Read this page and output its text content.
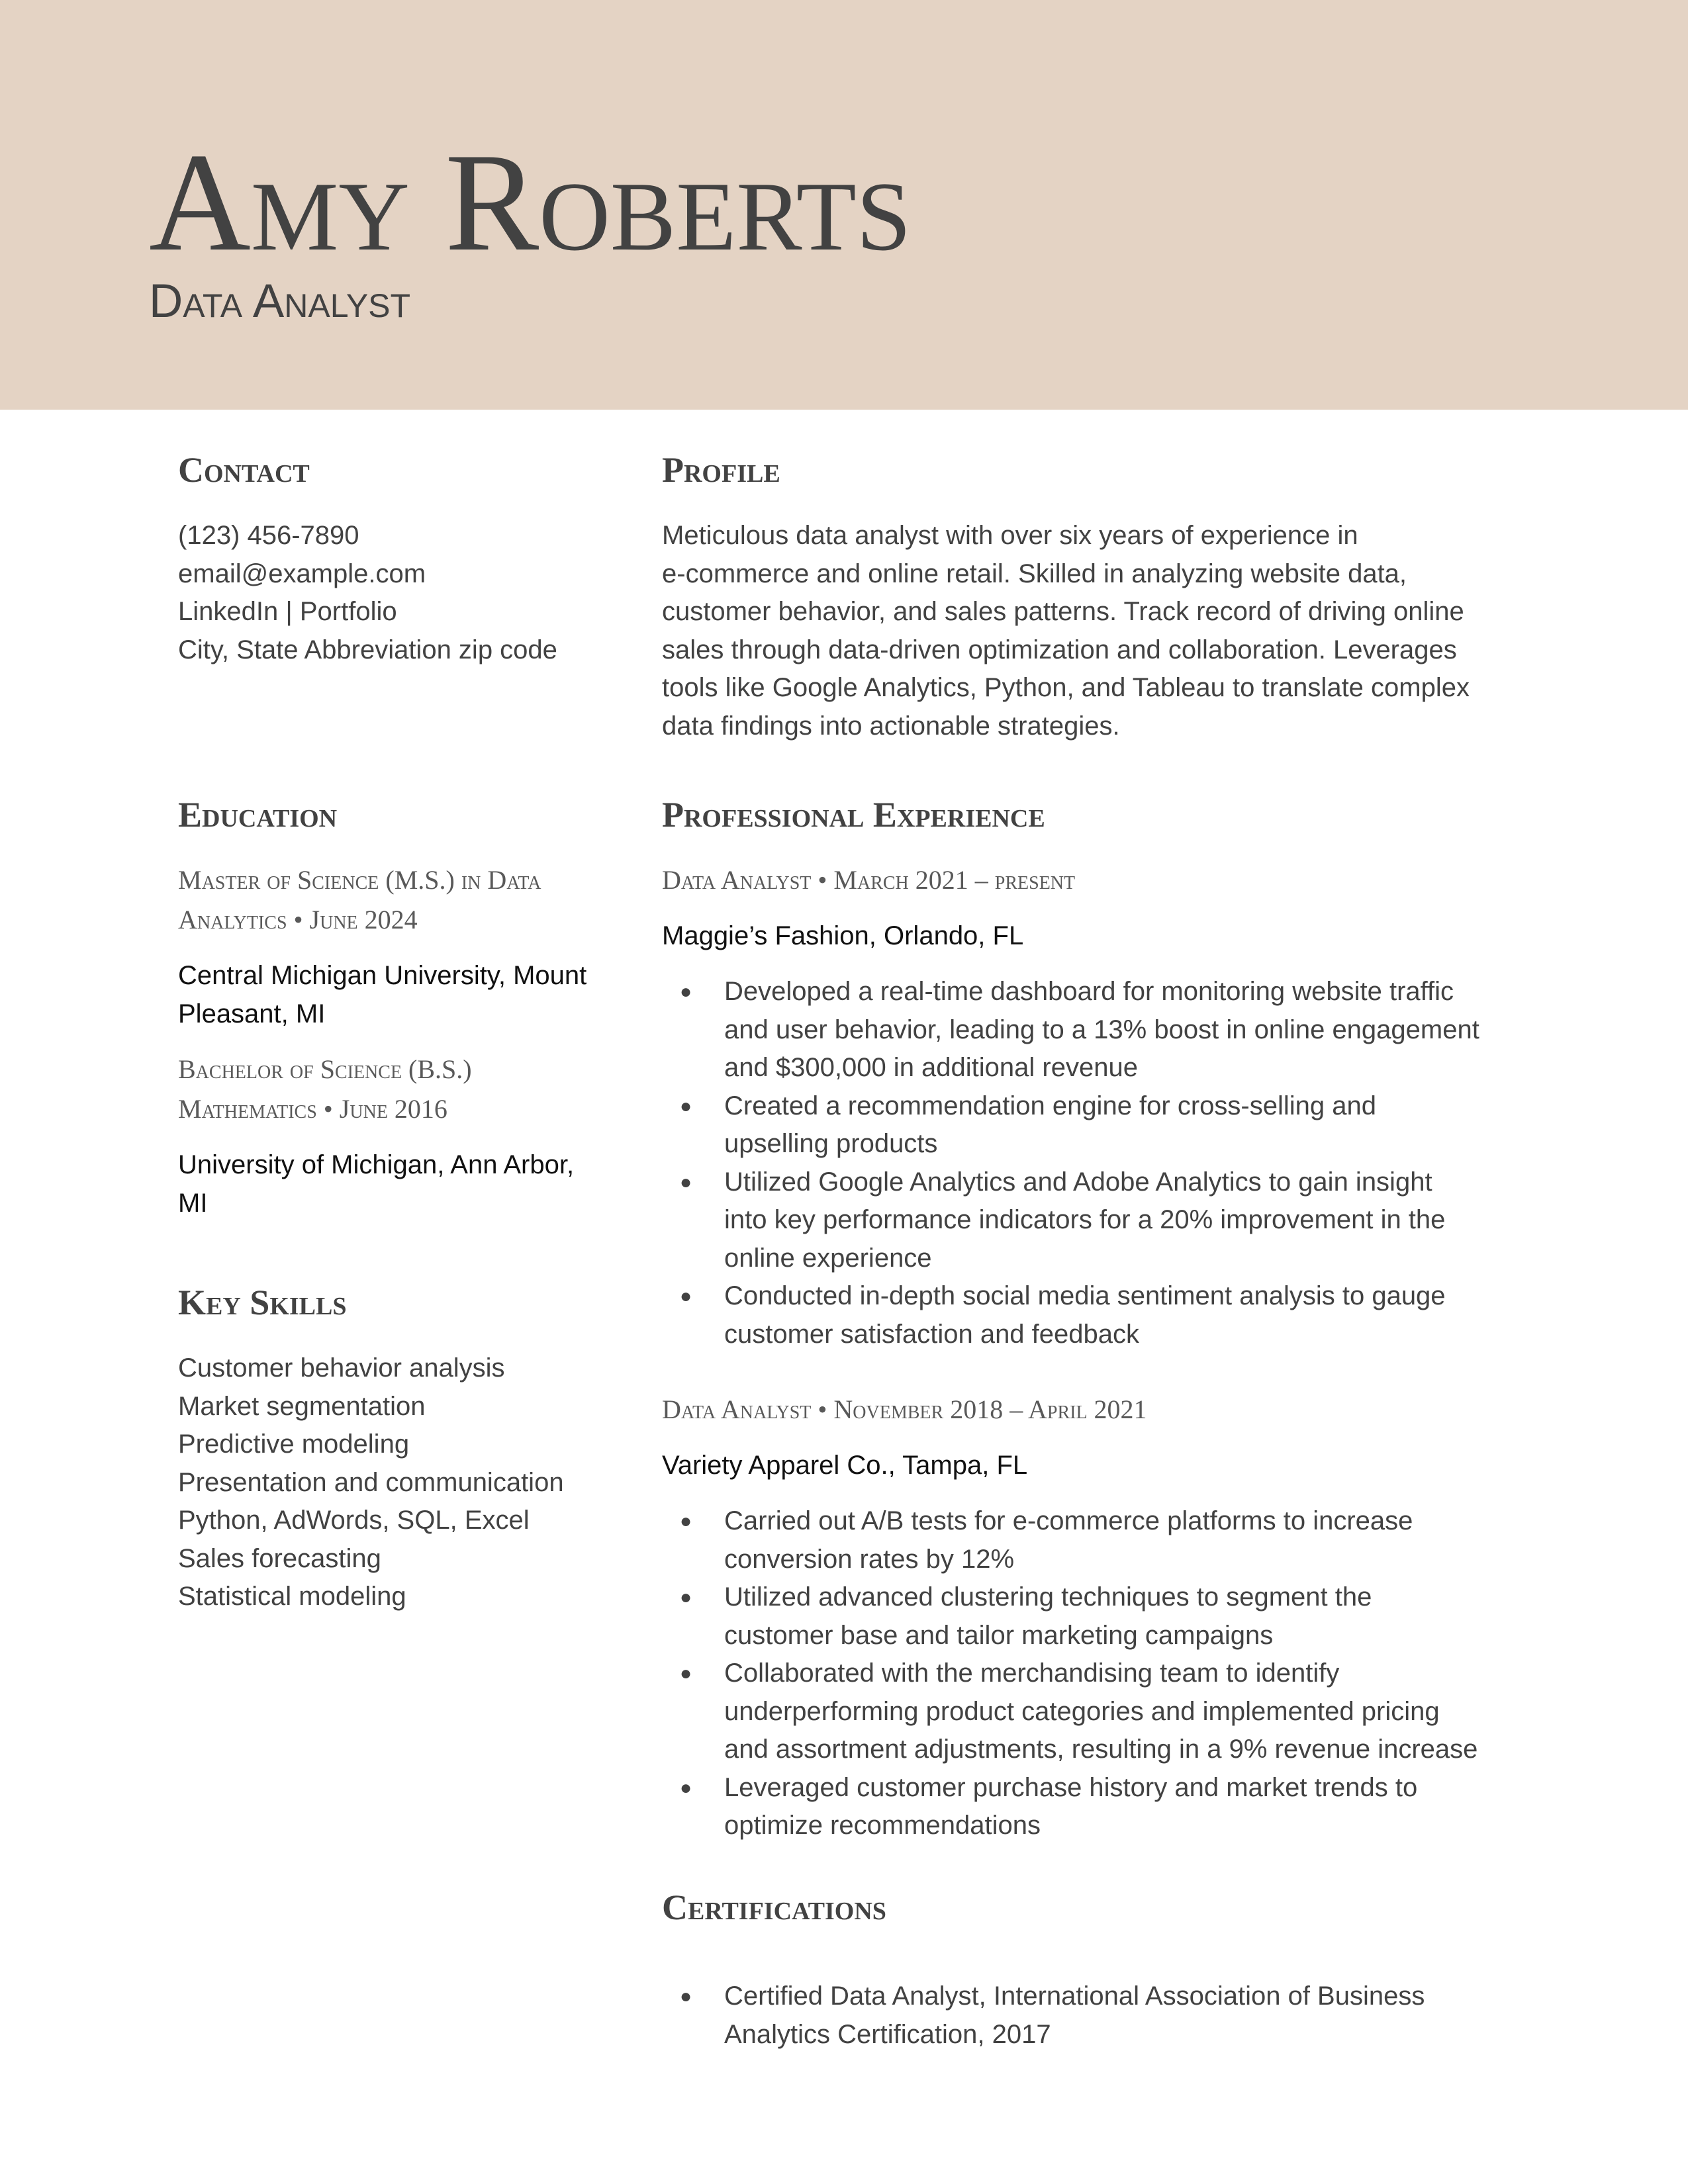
Amy Roberts
Data Analyst
Contact
(123) 456-7890
email@example.com
LinkedIn | Portfolio
City, State Abbreviation zip code
Education
Master of Science (M.S.) in Data
Analytics • June 2024
Central Michigan University, Mount
Pleasant, MI
Bachelor of Science (B.S.)
Mathematics • June 2016
University of Michigan, Ann Arbor,
MI
Key Skills
Customer behavior analysis
Market segmentation
Predictive modeling
Presentation and communication
Python, AdWords, SQL, Excel
Sales forecasting
Statistical modeling
Profile
Meticulous data analyst with over six years of experience in
e-commerce and online retail. Skilled in analyzing website data,
customer behavior, and sales patterns. Track record of driving online
sales through data-driven optimization and collaboration. Leverages
tools like Google Analytics, Python, and Tableau to translate complex
data findings into actionable strategies.
Professional Experience
Data Analyst • March 2021 – present
Maggie’s Fashion, Orlando, FL
● Developed a real-time dashboard for monitoring website traffic
and user behavior, leading to a 13% boost in online engagement
and $300,000 in additional revenue
● Created a recommendation engine for cross-selling and
upselling products
● Utilized Google Analytics and Adobe Analytics to gain insight
into key performance indicators for a 20% improvement in the
online experience
● Conducted in-depth social media sentiment analysis to gauge
customer satisfaction and feedback
Data Analyst • November 2018 – April 2021
Variety Apparel Co., Tampa, FL
● Carried out A/B tests for e-commerce platforms to increase
conversion rates by 12%
● Utilized advanced clustering techniques to segment the
customer base and tailor marketing campaigns
● Collaborated with the merchandising team to identify
underperforming product categories and implemented pricing
and assortment adjustments, resulting in a 9% revenue increase
● Leveraged customer purchase history and market trends to
optimize recommendations
Certifications
● Certified Data Analyst, International Association of Business
Analytics Certification, 2017
